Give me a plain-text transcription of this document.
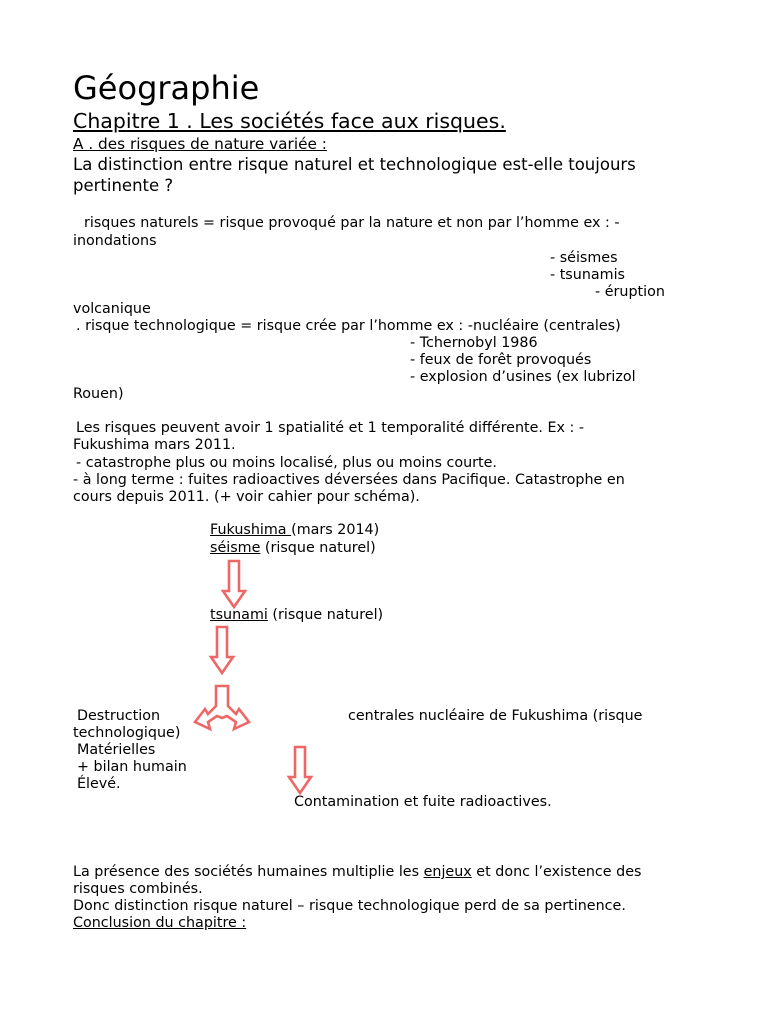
Géographie
Chapitre 1 . Les sociétés face aux risques.
A . des risques de nature variée :
La distinction entre risque naturel et technologique est-elle toujours
pertinente ?
risques naturels = risque provoqué par la nature et non par l’homme ex : -
inondations
- séismes
- tsunamis
- éruption
volcanique
. risque technologique = risque crée par l’homme ex : -nucléaire (centrales)
- Tchernobyl 1986
- feux de forêt provoqués
- explosion d’usines (ex lubrizol
Rouen)
Les risques peuvent avoir 1 spatialité et 1 temporalité différente. Ex : -
Fukushima mars 2011.
- catastrophe plus ou moins localisé, plus ou moins courte.
- à long terme : fuites radioactives déversées dans Pacifique. Catastrophe en
cours depuis 2011. (+ voir cahier pour schéma).
Fukushima (mars 2014)
séisme (risque naturel)
tsunami (risque naturel)
Destruction	centrales nucléaire de Fukushima (risque
technologique)
Matérielles
+ bilan humain
Élevé.
Contamination et fuite radioactives.
La présence des sociétés humaines multiplie les enjeux et donc l’existence des
risques combinés.
Donc distinction risque naturel – risque technologique perd de sa pertinence.
Conclusion du chapitre :
